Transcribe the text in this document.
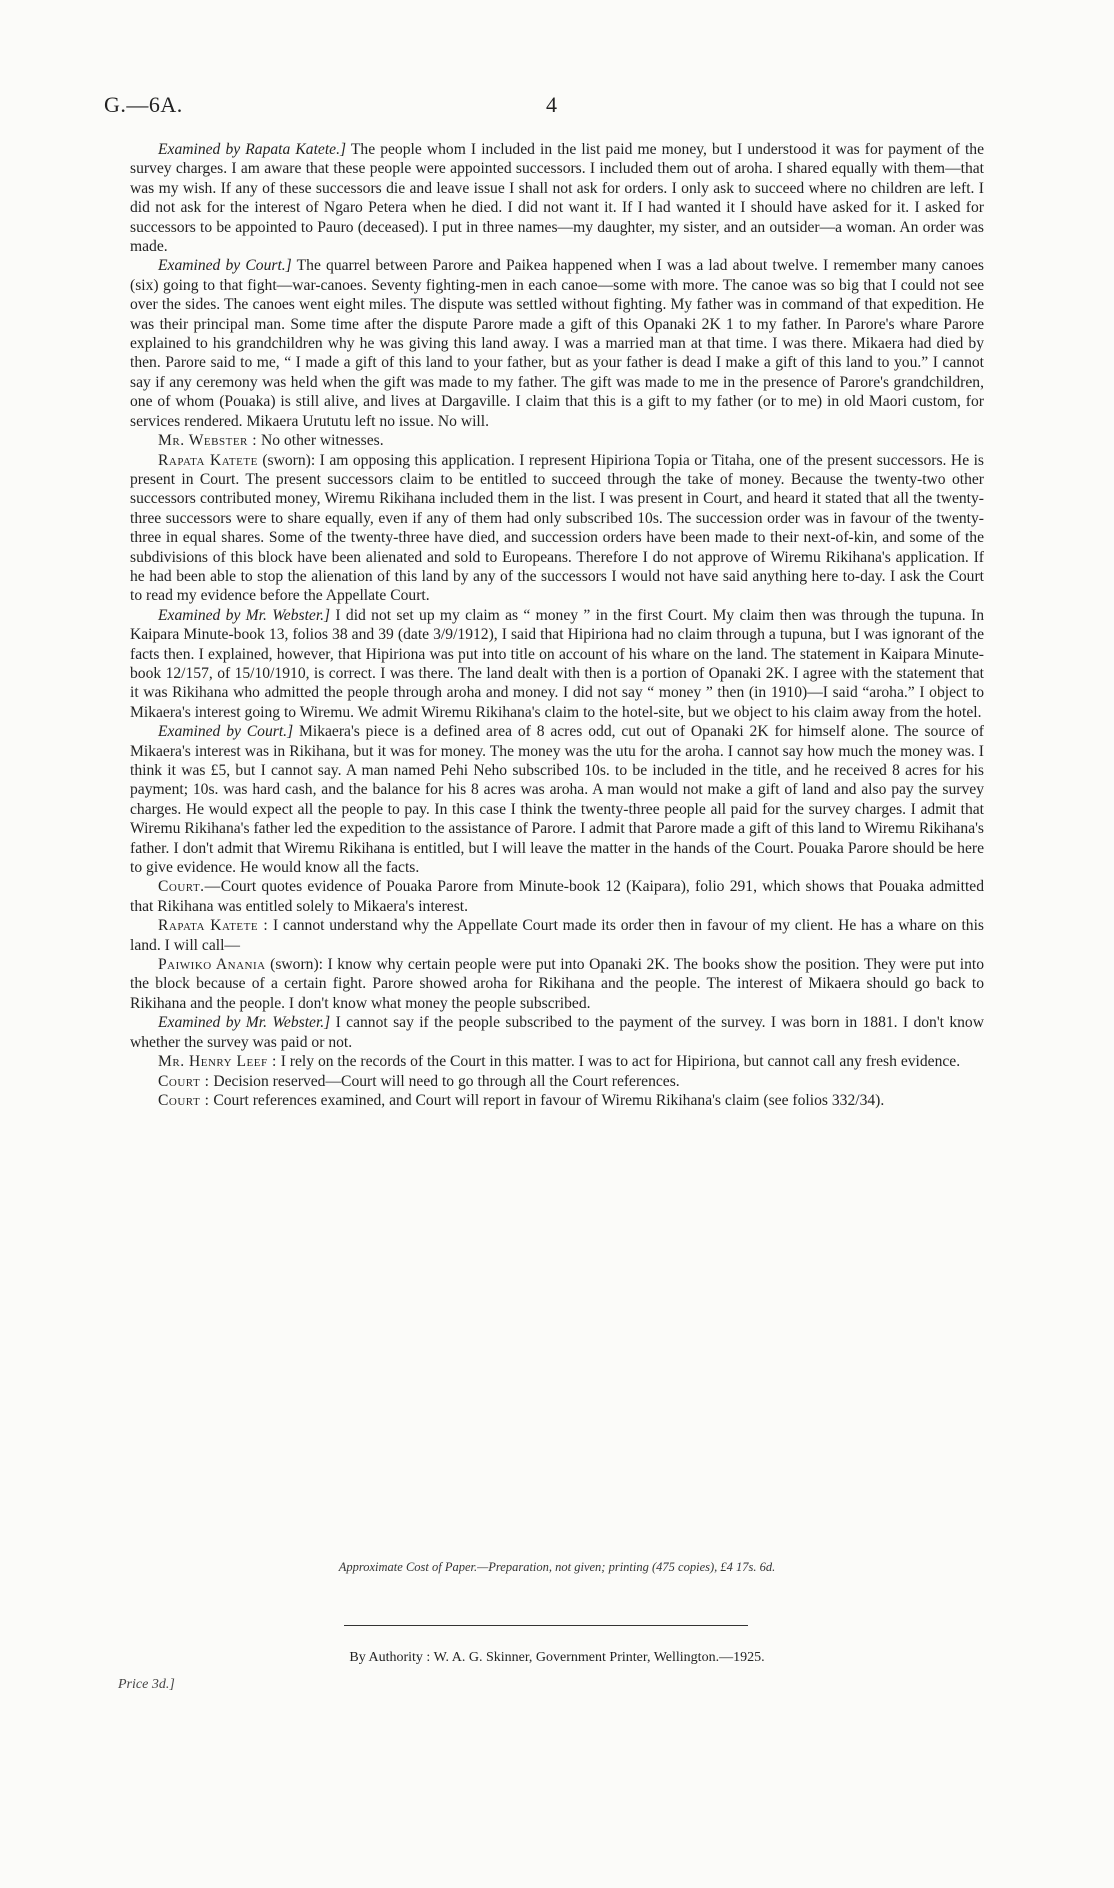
G.—6A.	4

Examined by Rapata Katete.] The people whom I included in the list paid me money, but I understood it was for payment of the survey charges. I am aware that these people were appointed successors. I included them out of aroha. I shared equally with them—that was my wish. If any of these successors die and leave issue I shall not ask for orders. I only ask to succeed where no children are left. I did not ask for the interest of Ngaro Petera when he died. I did not want it. If I had wanted it I should have asked for it. I asked for successors to be appointed to Pauro (deceased). I put in three names—my daughter, my sister, and an outsider—a woman. An order was made.

Examined by Court.] The quarrel between Parore and Paikea happened when I was a lad about twelve. I remember many canoes (six) going to that fight—war-canoes. Seventy fighting-men in each canoe—some with more. The canoe was so big that I could not see over the sides. The canoes went eight miles. The dispute was settled without fighting. My father was in command of that expedition. He was their principal man. Some time after the dispute Parore made a gift of this Opanaki 2K 1 to my father. In Parore's whare Parore explained to his grandchildren why he was giving this land away. I was a married man at that time. I was there. Mikaera had died by then. Parore said to me, “ I made a gift of this land to your father, but as your father is dead I make a gift of this land to you.” I cannot say if any ceremony was held when the gift was made to my father. The gift was made to me in the presence of Parore's grandchildren, one of whom (Pouaka) is still alive, and lives at Dargaville. I claim that this is a gift to my father (or to me) in old Maori custom, for services rendered. Mikaera Urututu left no issue. No will.

Mr. Webster : No other witnesses.

Rapata Katete (sworn): I am opposing this application. I represent Hipiriona Topia or Titaha, one of the present successors. He is present in Court. The present successors claim to be entitled to succeed through the take of money. Because the twenty-two other successors contributed money, Wiremu Rikihana included them in the list. I was present in Court, and heard it stated that all the twenty-three successors were to share equally, even if any of them had only subscribed 10s. The succession order was in favour of the twenty-three in equal shares. Some of the twenty-three have died, and succession orders have been made to their next-of-kin, and some of the subdivisions of this block have been alienated and sold to Europeans. Therefore I do not approve of Wiremu Rikihana's application. If he had been able to stop the alienation of this land by any of the successors I would not have said anything here to-day. I ask the Court to read my evidence before the Appellate Court.

Examined by Mr. Webster.] I did not set up my claim as “ money ” in the first Court. My claim then was through the tupuna. In Kaipara Minute-book 13, folios 38 and 39 (date 3/9/1912), I said that Hipiriona had no claim through a tupuna, but I was ignorant of the facts then. I explained, however, that Hipiriona was put into title on account of his whare on the land. The statement in Kaipara Minute-book 12/157, of 15/10/1910, is correct. I was there. The land dealt with then is a portion of Opanaki 2K. I agree with the statement that it was Rikihana who admitted the people through aroha and money. I did not say “ money ” then (in 1910)—I said “aroha.” I object to Mikaera's interest going to Wiremu. We admit Wiremu Rikihana's claim to the hotel-site, but we object to his claim away from the hotel.

Examined by Court.] Mikaera's piece is a defined area of 8 acres odd, cut out of Opanaki 2K for himself alone. The source of Mikaera's interest was in Rikihana, but it was for money. The money was the utu for the aroha. I cannot say how much the money was. I think it was £5, but I cannot say. A man named Pehi Neho subscribed 10s. to be included in the title, and he received 8 acres for his payment; 10s. was hard cash, and the balance for his 8 acres was aroha. A man would not make a gift of land and also pay the survey charges. He would expect all the people to pay. In this case I think the twenty-three people all paid for the survey charges. I admit that Wiremu Rikihana's father led the expedition to the assistance of Parore. I admit that Parore made a gift of this land to Wiremu Rikihana's father. I don't admit that Wiremu Rikihana is entitled, but I will leave the matter in the hands of the Court. Pouaka Parore should be here to give evidence. He would know all the facts.

Court.—Court quotes evidence of Pouaka Parore from Minute-book 12 (Kaipara), folio 291, which shows that Pouaka admitted that Rikihana was entitled solely to Mikaera's interest.

Rapata Katete : I cannot understand why the Appellate Court made its order then in favour of my client. He has a whare on this land. I will call—

Paiwiko Anania (sworn): I know why certain people were put into Opanaki 2K. The books show the position. They were put into the block because of a certain fight. Parore showed aroha for Rikihana and the people. The interest of Mikaera should go back to Rikihana and the people. I don't know what money the people subscribed.

Examined by Mr. Webster.] I cannot say if the people subscribed to the payment of the survey. I was born in 1881. I don't know whether the survey was paid or not.

Mr. Henry Leef : I rely on the records of the Court in this matter. I was to act for Hipiriona, but cannot call any fresh evidence.

Court : Decision reserved—Court will need to go through all the Court references.

Court : Court references examined, and Court will report in favour of Wiremu Rikihana's claim (see folios 332/34).

Approximate Cost of Paper.—Preparation, not given; printing (475 copies), £4 17s. 6d.
By Authority : W. A. G. Skinner, Government Printer, Wellington.—1925.
Price 3d.]
